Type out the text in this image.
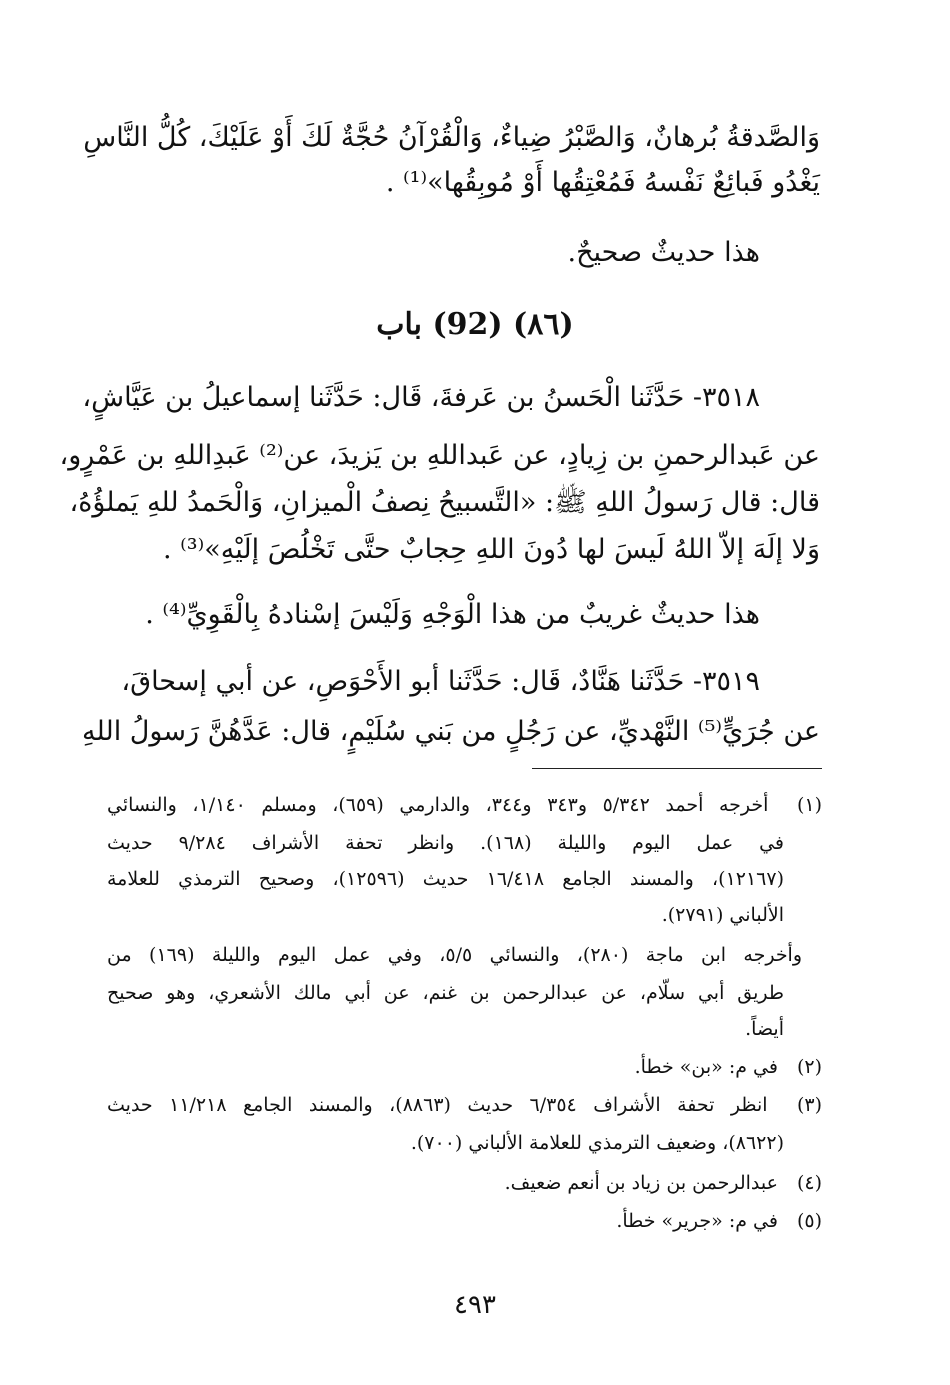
وَالصَّدقةُ بُرهانٌ، وَالصَّبْرُ ضِياءٌ، وَالْقُرْآنُ حُجَّةٌ لَكَ أَوْ عَلَيْكَ، كُلُّ النَّاسِ
يَغْدُو فَبائِعٌ نَفْسهُ فَمُعْتِقُها أَوْ مُوبِقُها»⁽¹⁾ .
هذا حديثٌ صحيحٌ.
(٨٦) (92) باب
٣٥١٨- حَدَّثَنا الْحَسنُ بن عَرفةَ، قَال: حَدَّثَنا إسماعيلُ بن عَيَّاشٍ،
عن عَبدالرحمنِ بن زِيادٍ، عن عَبداللهِ بن يَزيدَ، عن⁽²⁾ عَبدِاللهِ بن عَمْرٍو،
قال: قال رَسولُ اللهِ ﷺ: «التَّسبيحُ نِصفُ الْميزانِ، وَالْحَمدُ للهِ يَملؤُهُ،
وَلا إلَهَ إلاّ اللهُ لَيسَ لها دُونَ اللهِ حِجابٌ حتَّى تَخْلُصَ إلَيْهِ»⁽³⁾ .
هذا حديثٌ غريبٌ من هذا الْوَجْهِ وَلَيْسَ إسْنادهُ بِالْقَوِيِّ⁽⁴⁾ .
٣٥١٩- حَدَّثَنا هَنَّادٌ، قَال: حَدَّثَنا أبو الأَحْوَصِ، عن أبي إسحاقَ،
عن جُرَيٍّ⁽⁵⁾ النَّهْديِّ، عن رَجُلٍ من بَني سُلَيْمٍ، قال: عَدَّهُنَّ رَسولُ اللهِ
(١) أخرجه أحمد ٥/٣٤٢ و٣٤٣ و٣٤٤، والدارمي (٦٥٩)، ومسلم ١/١٤٠، والنسائي
في عمل اليوم والليلة (١٦٨). وانظر تحفة الأشراف ٩/٢٨٤ حديث
(١٢١٦٧)، والمسند الجامع ١٦/٤١٨ حديث (١٢٥٩٦)، وصحيح الترمذي للعلامة
الألباني (٢٧٩١).
وأخرجه ابن ماجة (٢٨٠)، والنسائي ٥/٥، وفي عمل اليوم والليلة (١٦٩) من
طريق أبي سلّام، عن عبدالرحمن بن غنم، عن أبي مالك الأشعري، وهو صحيح
أيضاً.
(٢) في م: «بن» خطأ.
(٣) انظر تحفة الأشراف ٦/٣٥٤ حديث (٨٨٦٣)، والمسند الجامع ١١/٢١٨ حديث
(٨٦٢٢)، وضعيف الترمذي للعلامة الألباني (٧٠٠).
(٤) عبدالرحمن بن زياد بن أنعم ضعيف.
(٥) في م: «جرير» خطأ.
٤٩٣
